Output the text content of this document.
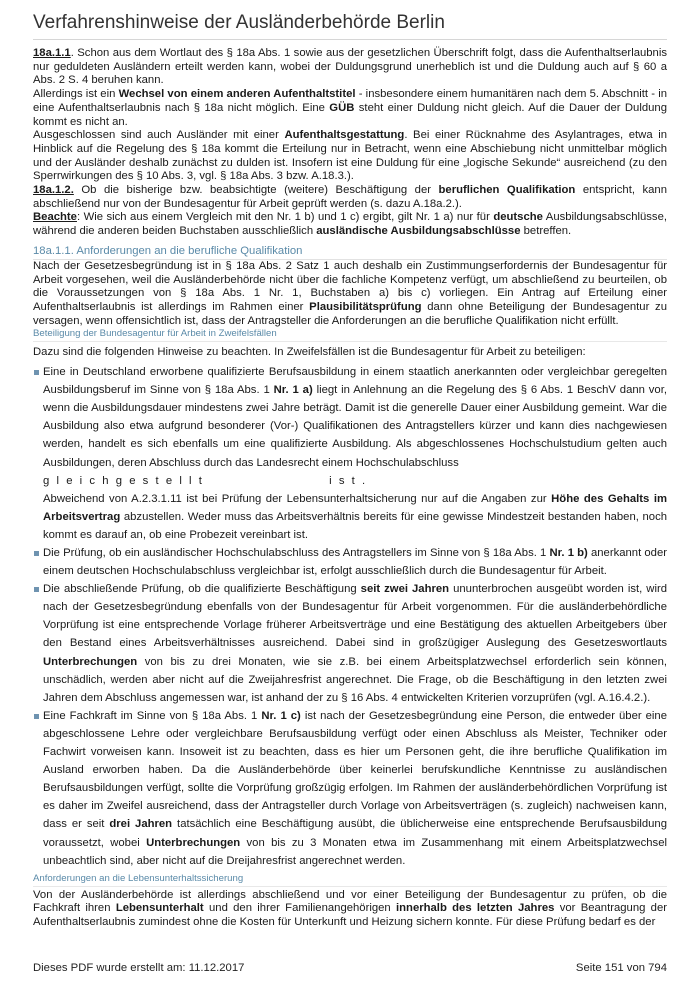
Verfahrenshinweise der Ausländerbehörde Berlin

18a.1.1. Schon aus dem Wortlaut des § 18a Abs. 1 sowie aus der gesetzlichen Überschrift folgt, dass die Aufenthaltserlaubnis nur geduldeten Ausländern erteilt werden kann, wobei der Duldungsgrund unerheblich ist und die Duldung auch auf § 60 a Abs. 2 S. 4 beruhen kann.

Allerdings ist ein Wechsel von einem anderen Aufenthaltstitel - insbesondere einem humanitären nach dem 5. Abschnitt - in eine Aufenthaltserlaubnis nach § 18a nicht möglich. Eine GÜB steht einer Duldung nicht gleich. Auf die Dauer der Duldung kommt es nicht an.

Ausgeschlossen sind auch Ausländer mit einer Aufenthaltsgestattung. Bei einer Rücknahme des Asylantrages, etwa in Hinblick auf die Regelung des § 18a kommt die Erteilung nur in Betracht, wenn eine Abschiebung nicht unmittelbar möglich und der Ausländer deshalb zunächst zu dulden ist. Insofern ist eine Duldung für eine „logische Sekunde“ ausreichend (zu den Sperrwirkungen des § 10 Abs. 3, vgl. § 18a Abs. 3 bzw. A.18.3.).

18a.1.2. Ob die bisherige bzw. beabsichtigte (weitere) Beschäftigung der beruflichen Qualifikation entspricht, kann abschließend nur von der Bundesagentur für Arbeit geprüft werden (s. dazu A.18a.2.).

Beachte: Wie sich aus einem Vergleich mit den Nr. 1 b) und 1 c) ergibt, gilt Nr. 1 a) nur für deutsche Ausbildungsabschlüsse, während die anderen beiden Buchstaben ausschließlich ausländische Ausbildungsabschlüsse betreffen.

18a.1.1. Anforderungen an die berufliche Qualifikation

Nach der Gesetzesbegründung ist in § 18a Abs. 2 Satz 1 auch deshalb ein Zustimmungserfordernis der Bundesagentur für Arbeit vorgesehen, weil die Ausländerbehörde nicht über die fachliche Kompetenz verfügt, um abschließend zu beurteilen, ob die Voraussetzungen von § 18a Abs. 1 Nr. 1, Buchstaben a) bis c) vorliegen. Ein Antrag auf Erteilung einer Aufenthaltserlaubnis ist allerdings im Rahmen einer Plausibilitätsprüfung dann ohne Beteiligung der Bundesagentur zu versagen, wenn offensichtlich ist, dass der Antragsteller die Anforderungen an die berufliche Qualifikation nicht erfüllt.

Beteiligung der Bundesagentur für Arbeit in Zweifelsfällen

Dazu sind die folgenden Hinweise zu beachten. In Zweifelsfällen ist die Bundesagentur für Arbeit zu beteiligen:

Eine in Deutschland erworbene qualifizierte Berufsausbildung in einem staatlich anerkannten oder vergleichbar geregelten Ausbildungsberuf im Sinne von § 18a Abs. 1 Nr. 1 a) liegt in Anlehnung an die Regelung des § 6 Abs. 1 BeschV dann vor, wenn die Ausbildungsdauer mindestens zwei Jahre beträgt. Damit ist die generelle Dauer einer Ausbildung gemeint. War die Ausbildung also etwa aufgrund besonderer (Vor-) Qualifikationen des Antragstellers kürzer und kann dies nachgewiesen werden, handelt es sich ebenfalls um eine qualifizierte Ausbildung. Als abgeschlossenes Hochschulstudium gelten auch Ausbildungen, deren Abschluss durch das Landesrecht einem Hochschulabschluss
gleichgestellt	ist.
Abweichend von A.2.3.1.11 ist bei Prüfung der Lebensunterhaltsicherung nur auf die Angaben zur Höhe des Gehalts im Arbeitsvertrag abzustellen. Weder muss das Arbeitsverhältnis bereits für eine gewisse Mindestzeit bestanden haben, noch kommt es darauf an, ob eine Probezeit vereinbart ist.
Die Prüfung, ob ein ausländischer Hochschulabschluss des Antragstellers im Sinne von § 18a Abs. 1 Nr. 1 b) anerkannt oder einem deutschen Hochschulabschluss vergleichbar ist, erfolgt ausschließlich durch die Bundesagentur für Arbeit.
Die abschließende Prüfung, ob die qualifizierte Beschäftigung seit zwei Jahren ununterbrochen ausgeübt worden ist, wird nach der Gesetzesbegründung ebenfalls von der Bundesagentur für Arbeit vorgenommen. Für die ausländerbehördliche Vorprüfung ist eine entsprechende Vorlage früherer Arbeitsverträge und eine Bestätigung des aktuellen Arbeitgebers über den Bestand eines Arbeitsverhältnisses ausreichend. Dabei sind in großzügiger Auslegung des Gesetzeswortlauts Unterbrechungen von bis zu drei Monaten, wie sie z.B. bei einem Arbeitsplatzwechsel erforderlich sein können, unschädlich, werden aber nicht auf die Zweijahresfrist angerechnet. Die Frage, ob die Beschäftigung in den letzten zwei Jahren dem Abschluss angemessen war, ist anhand der zu § 16 Abs. 4 entwickelten Kriterien vorzuprüfen (vgl. A.16.4.2.).
Eine Fachkraft im Sinne von § 18a Abs. 1 Nr. 1 c) ist nach der Gesetzesbegründung eine Person, die entweder über eine abgeschlossene Lehre oder vergleichbare Berufsausbildung verfügt oder einen Abschluss als Meister, Techniker oder Fachwirt vorweisen kann. Insoweit ist zu beachten, dass es hier um Personen geht, die ihre berufliche Qualifikation im Ausland erworben haben. Da die Ausländerbehörde über keinerlei berufskundliche Kenntnisse zu ausländischen Berufsausbildungen verfügt, sollte die Vorprüfung großzügig erfolgen. Im Rahmen der ausländerbehördlichen Vorprüfung ist es daher im Zweifel ausreichend, dass der Antragsteller durch Vorlage von Arbeitsverträgen (s. zugleich) nachweisen kann, dass er seit drei Jahren tatsächlich eine Beschäftigung ausübt, die üblicherweise eine entsprechende Berufsausbildung voraussetzt, wobei Unterbrechungen von bis zu 3 Monaten etwa im Zusammenhang mit einem Arbeitsplatzwechsel unbeachtlich sind, aber nicht auf die Dreijahresfrist angerechnet werden.
Anforderungen an die Lebensunterhaltssicherung

Von der Ausländerbehörde ist allerdings abschließend und vor einer Beteiligung der Bundesagentur zu prüfen, ob die Fachkraft ihren Lebensunterhalt und den ihrer Familienangehörigen innerhalb des letzten Jahres vor Beantragung der Aufenthaltserlaubnis zumindest ohne die Kosten für Unterkunft und Heizung sichern konnte. Für diese Prüfung bedarf es der

Dieses PDF wurde erstellt am: 11.12.2017	Seite 151 von 794
